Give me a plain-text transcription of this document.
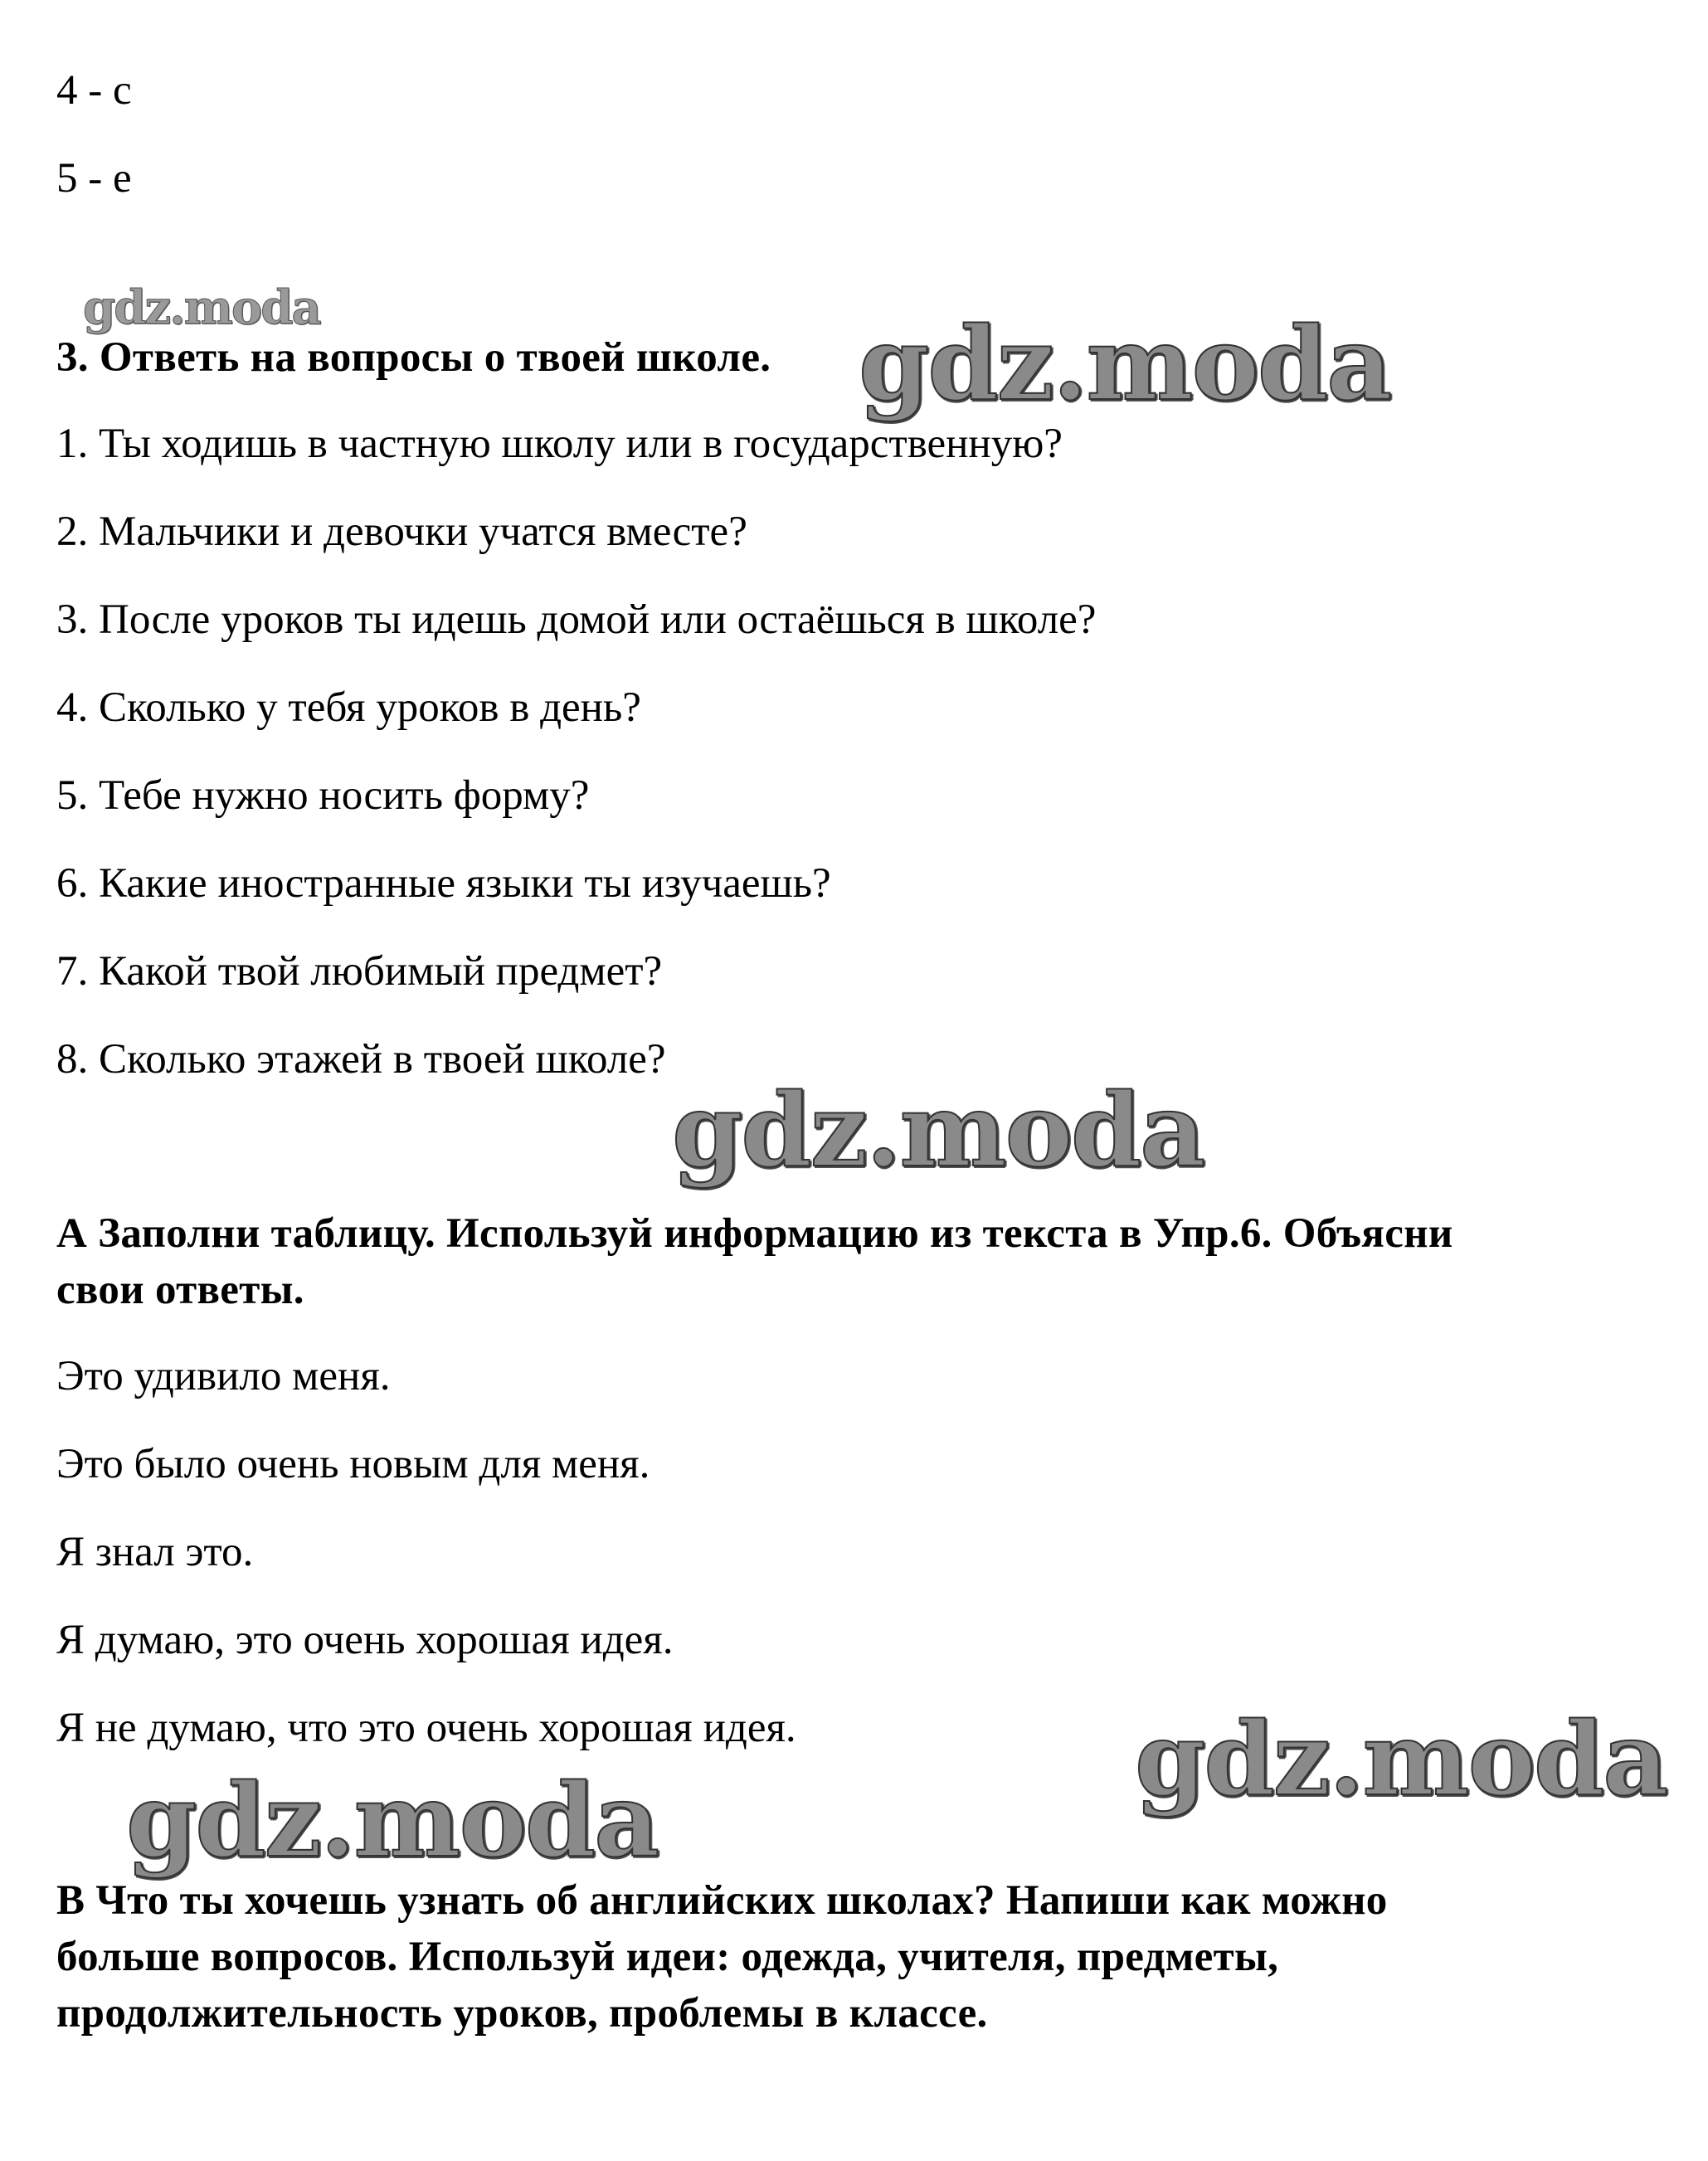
4 - c
5 - e
gdz.moda
3. Ответь на вопросы о твоей школе. gdz.moda
1. Ты ходишь в частную школу или в государственную?
2. Мальчики и девочки учатся вместе?
3. После уроков ты идешь домой или остаёшься в школе?
4. Сколько у тебя уроков в день?
5. Тебе нужно носить форму?
6. Какие иностранные языки ты изучаешь?
7. Какой твой любимый предмет?
8. Сколько этажей в твоей школе?
gdz.moda
А Заполни таблицу. Используй информацию из текста в Упр.6. Объясни
свои ответы.
Это удивило меня.
Это было очень новым для меня.
Я знал это.
Я думаю, это очень хорошая идея.
Я не думаю, что это очень хорошая идея.	gdz.moda
gdz.moda
В Что ты хочешь узнать об английских школах? Напиши как можно
больше вопросов. Используй идеи: одежда, учителя, предметы,
продолжительность уроков, проблемы в классе.
